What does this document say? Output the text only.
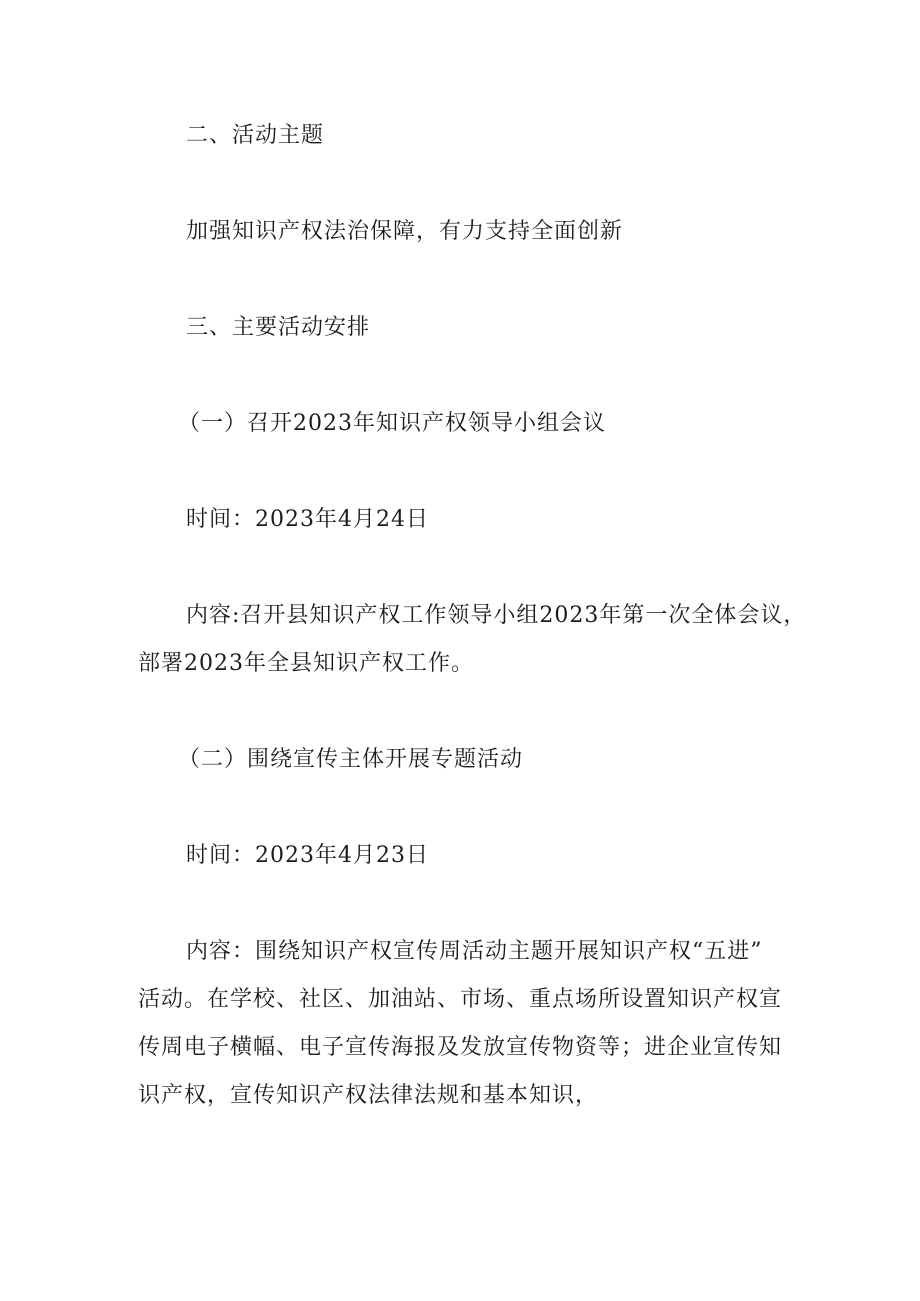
二、活动主题
加强知识产权法治保障，有力支持全面创新
三、主要活动安排
（一）召开2023年知识产权领导小组会议
时间：2023年4月24日
内容:召开县知识产权工作领导小组2023年第一次全体会议，
部署2023年全县知识产权工作。
（二）围绕宣传主体开展专题活动
时间：2023年4月23日
内容：围绕知识产权宣传周活动主题开展知识产权“五进”
活动。在学校、社区、加油站、市场、重点场所设置知识产权宣
传周电子横幅、电子宣传海报及发放宣传物资等；进企业宣传知
识产权，宣传知识产权法律法规和基本知识，
